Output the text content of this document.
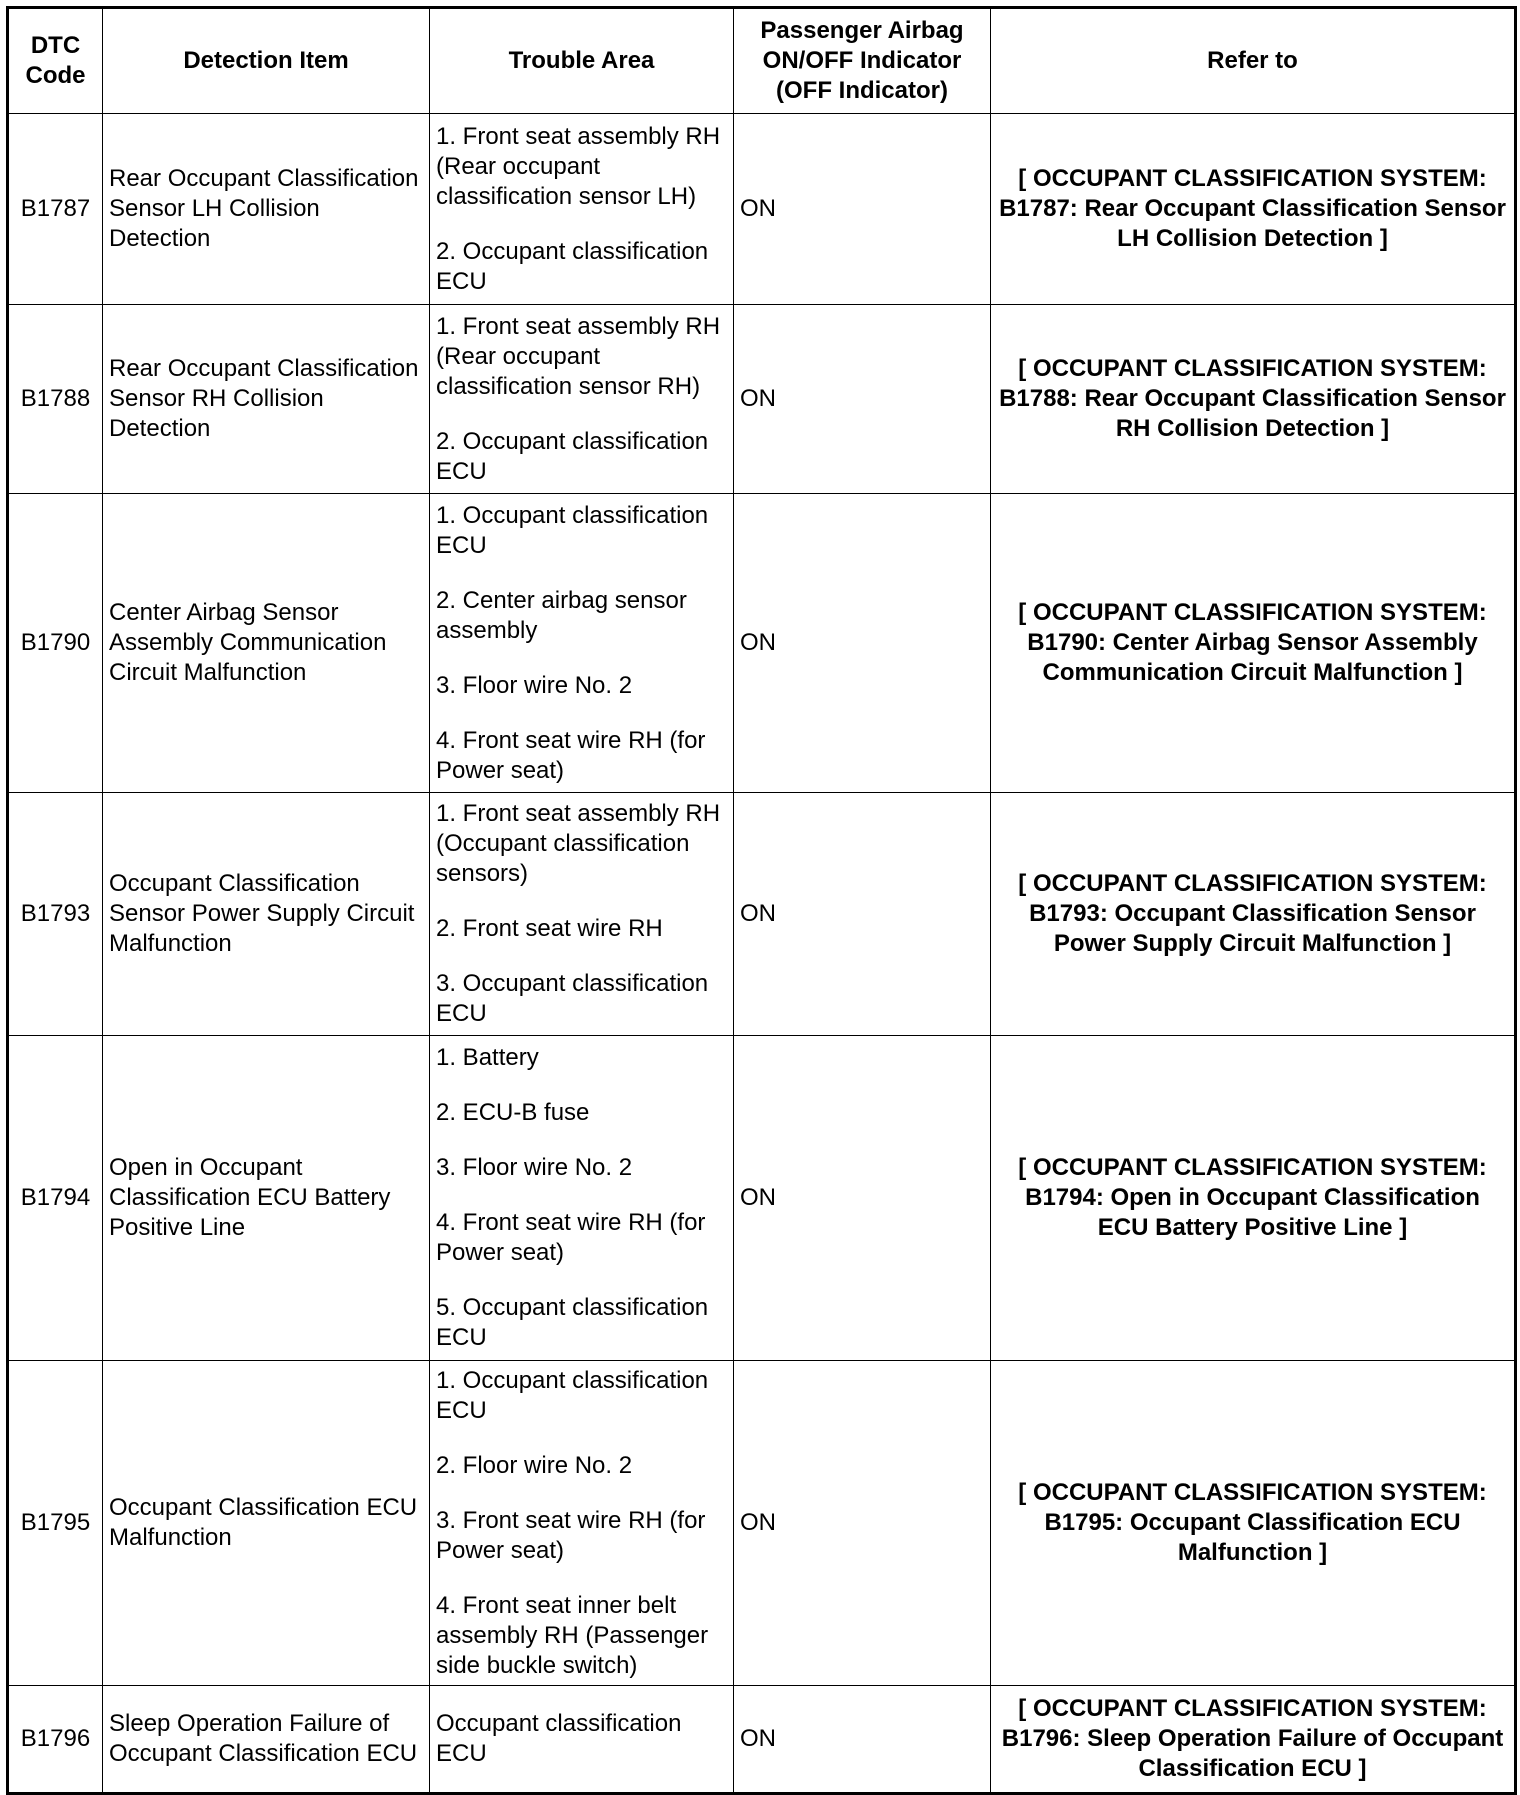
DTC Code	Detection Item	Trouble Area	Passenger Airbag ON/OFF Indicator (OFF Indicator)	Refer to
B1787	Rear Occupant Classification Sensor LH Collision Detection	1. Front seat assembly RH (Rear occupant classification sensor LH)
2. Occupant classification ECU	ON	[ OCCUPANT CLASSIFICATION SYSTEM: B1787: Rear Occupant Classification Sensor LH Collision Detection ]
B1788	Rear Occupant Classification Sensor RH Collision Detection	1. Front seat assembly RH (Rear occupant classification sensor RH)
2. Occupant classification ECU	ON	[ OCCUPANT CLASSIFICATION SYSTEM: B1788: Rear Occupant Classification Sensor RH Collision Detection ]
B1790	Center Airbag Sensor Assembly Communication Circuit Malfunction	1. Occupant classification ECU
2. Center airbag sensor assembly
3. Floor wire No. 2
4. Front seat wire RH (for Power seat)	ON	[ OCCUPANT CLASSIFICATION SYSTEM: B1790: Center Airbag Sensor Assembly Communication Circuit Malfunction ]
B1793	Occupant Classification Sensor Power Supply Circuit Malfunction	1. Front seat assembly RH (Occupant classification sensors)
2. Front seat wire RH
3. Occupant classification ECU	ON	[ OCCUPANT CLASSIFICATION SYSTEM: B1793: Occupant Classification Sensor Power Supply Circuit Malfunction ]
B1794	Open in Occupant Classification ECU Battery Positive Line	1. Battery
2. ECU-B fuse
3. Floor wire No. 2
4. Front seat wire RH (for Power seat)
5. Occupant classification ECU	ON	[ OCCUPANT CLASSIFICATION SYSTEM: B1794: Open in Occupant Classification ECU Battery Positive Line ]
B1795	Occupant Classification ECU Malfunction	1. Occupant classification ECU
2. Floor wire No. 2
3. Front seat wire RH (for Power seat)
4. Front seat inner belt assembly RH (Passenger side buckle switch)	ON	[ OCCUPANT CLASSIFICATION SYSTEM: B1795: Occupant Classification ECU Malfunction ]
B1796	Sleep Operation Failure of Occupant Classification ECU	Occupant classification ECU	ON	[ OCCUPANT CLASSIFICATION SYSTEM: B1796: Sleep Operation Failure of Occupant Classification ECU ]
